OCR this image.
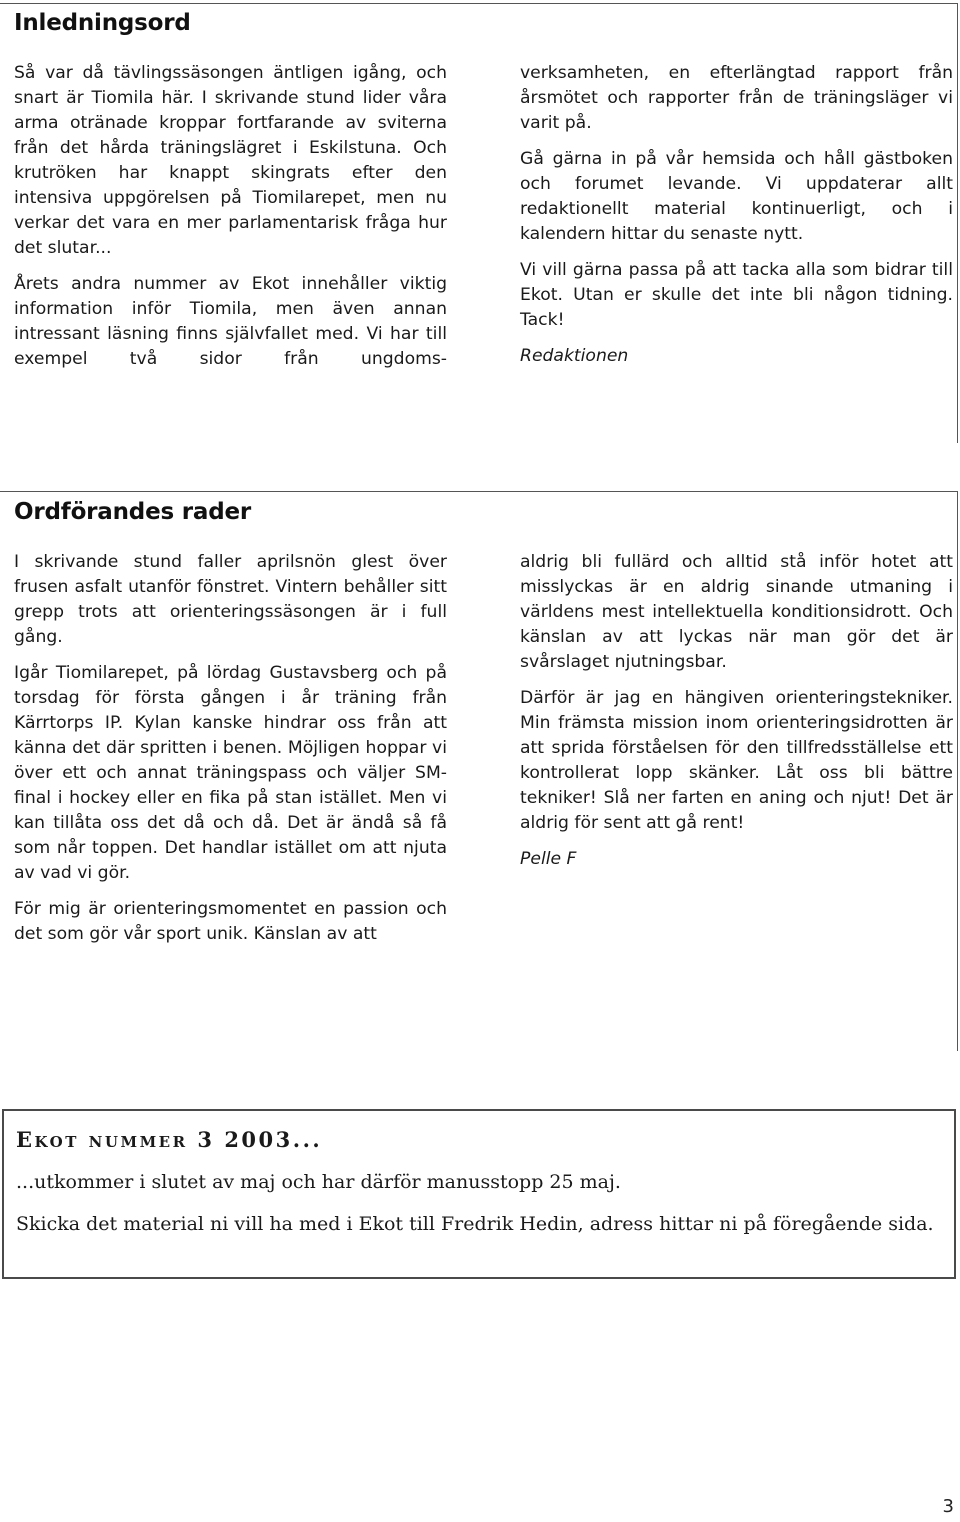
Inledningsord

Så var då tävlingssäsongen äntligen igång, och snart är Tiomila här. I skrivande stund lider våra arma otränade kroppar fortfarande av sviterna från det hårda träningslägret i Eskilstuna. Och krutröken har knappt skingrats efter den intensiva uppgörelsen på Tiomilarepet, men nu verkar det vara en mer parlamentarisk fråga hur det slutar...

Årets andra nummer av Ekot innehåller viktig information inför Tiomila, men även annan intressant läsning finns självfallet med. Vi har till exempel två sidor från ungdoms-

verksamheten, en efterlängtad rapport från årsmötet och rapporter från de träningsläger vi varit på.

Gå gärna in på vår hemsida och håll gästboken och forumet levande. Vi uppdaterar allt redaktionellt material kontinuerligt, och i kalendern hittar du senaste nytt.

Vi vill gärna passa på att tacka alla som bidrar till Ekot. Utan er skulle det inte bli någon tidning. Tack!

Redaktionen

Ordförandes rader

I skrivande stund faller aprilsnön glest över frusen asfalt utanför fönstret. Vintern behåller sitt grepp trots att orienteringssäsongen är i full gång.

Igår Tiomilarepet, på lördag Gustavsberg och på torsdag för första gången i år träning från Kärrtorps IP. Kylan kanske hindrar oss från att känna det där spritten i benen. Möjligen hoppar vi över ett och annat träningspass och väljer SM-final i hockey eller en fika på stan istället. Men vi kan tillåta oss det då och då. Det är ändå så få som når toppen. Det handlar istället om att njuta av vad vi gör.

För mig är orienteringsmomentet en passion och det som gör vår sport unik. Känslan av att

aldrig bli fullärd och alltid stå inför hotet att misslyckas är en aldrig sinande utmaning i världens mest intellektuella konditionsidrott. Och känslan av att lyckas när man gör det är svårslaget njutningsbar.

Därför är jag en hängiven orienteringstekniker. Min främsta mission inom orienteringsidrotten är att sprida förståelsen för den tillfredsställelse ett kontrollerat lopp skänker. Låt oss bli bättre tekniker! Slå ner farten en aning och njut! Det är aldrig för sent att gå rent!

Pelle F

Ekot nummer 3 2003...

...utkommer i slutet av maj och har därför manusstopp 25 maj.

Skicka det material ni vill ha med i Ekot till Fredrik Hedin, adress hittar ni på föregående sida.

3
